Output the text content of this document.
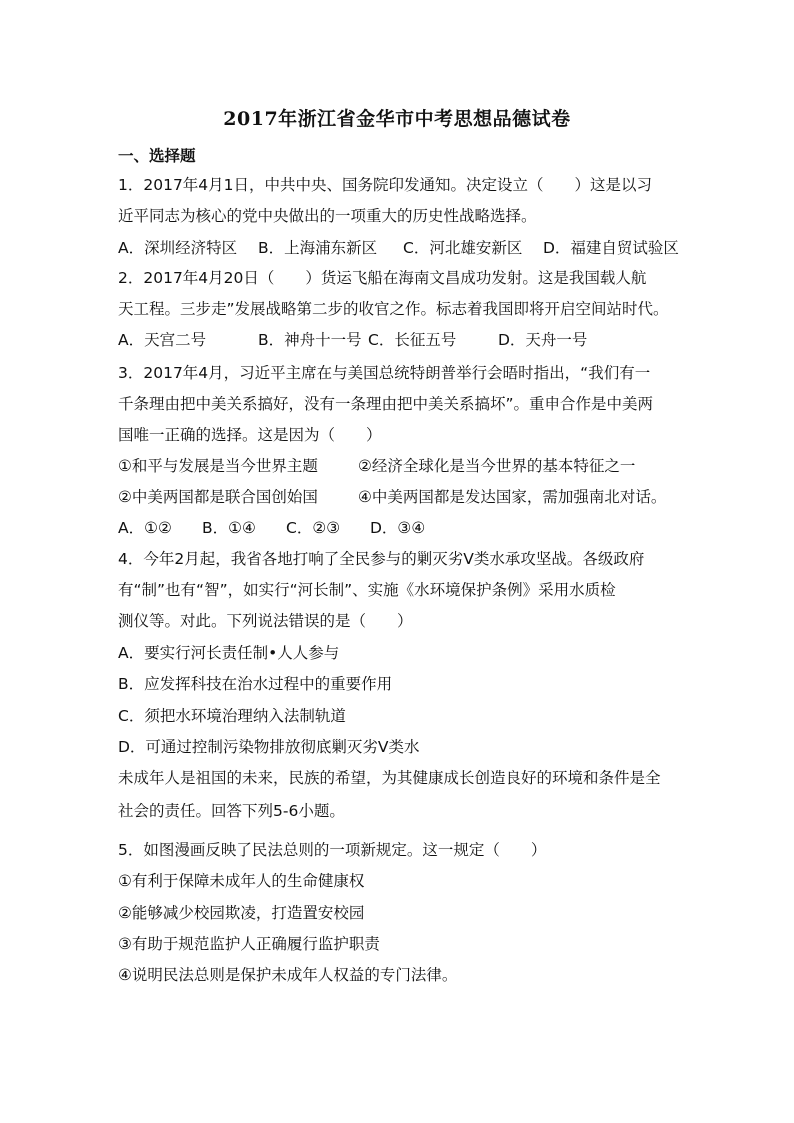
2017年浙江省金华市中考思想品德试卷
一、选择题
1．2017年4月1日，中共中央、国务院印发通知。决定设立（　　）这是以习
近平同志为核心的党中央做出的一项重大的历史性战略选择。
A．深圳经济特区	B．上海浦东新区	C．河北雄安新区	D．福建自贸试验区
2．2017年4月20日（　　）货运飞船在海南文昌成功发射。这是我国载人航
天工程。三步走”发展战略第二步的收官之作。标志着我国即将开启空间站时代。
A．天宫二号	B．神舟十一号 C．长征五号	D．天舟一号
3．2017年4月，习近平主席在与美国总统特朗普举行会晤时指出，“我们有一
千条理由把中美关系搞好，没有一条理由把中美关系搞坏”。重申合作是中美两
国唯一正确的选择。这是因为（　　）
①和平与发展是当今世界主题	②经济全球化是当今世界的基本特征之一
②中美两国都是联合国创始国	④中美两国都是发达国家，需加强南北对话。
A．①②	B．①④	C．②③	D．③④
4．今年2月起，我省各地打响了全民参与的剿灭劣Ⅴ类水承攻坚战。各级政府
有“制”也有“智”，如实行“河长制”、实施《水环境保护条例》采用水质检
测仪等。对此。下列说法错误的是（　　）
A．要实行河长责任制•人人参与
B．应发挥科技在治水过程中的重要作用
C．须把水环境治理纳入法制轨道
D．可通过控制污染物排放彻底剿灭劣Ⅴ类水
未成年人是祖国的未来，民族的希望，为其健康成长创造良好的环境和条件是全
社会的责任。回答下列5-6小题。
5．如图漫画反映了民法总则的一项新规定。这一规定（　　）
①有利于保障未成年人的生命健康权
②能够减少校园欺凌，打造置安校园
③有助于规范监护人正确履行监护职责
④说明民法总则是保护未成年人权益的专门法律。
